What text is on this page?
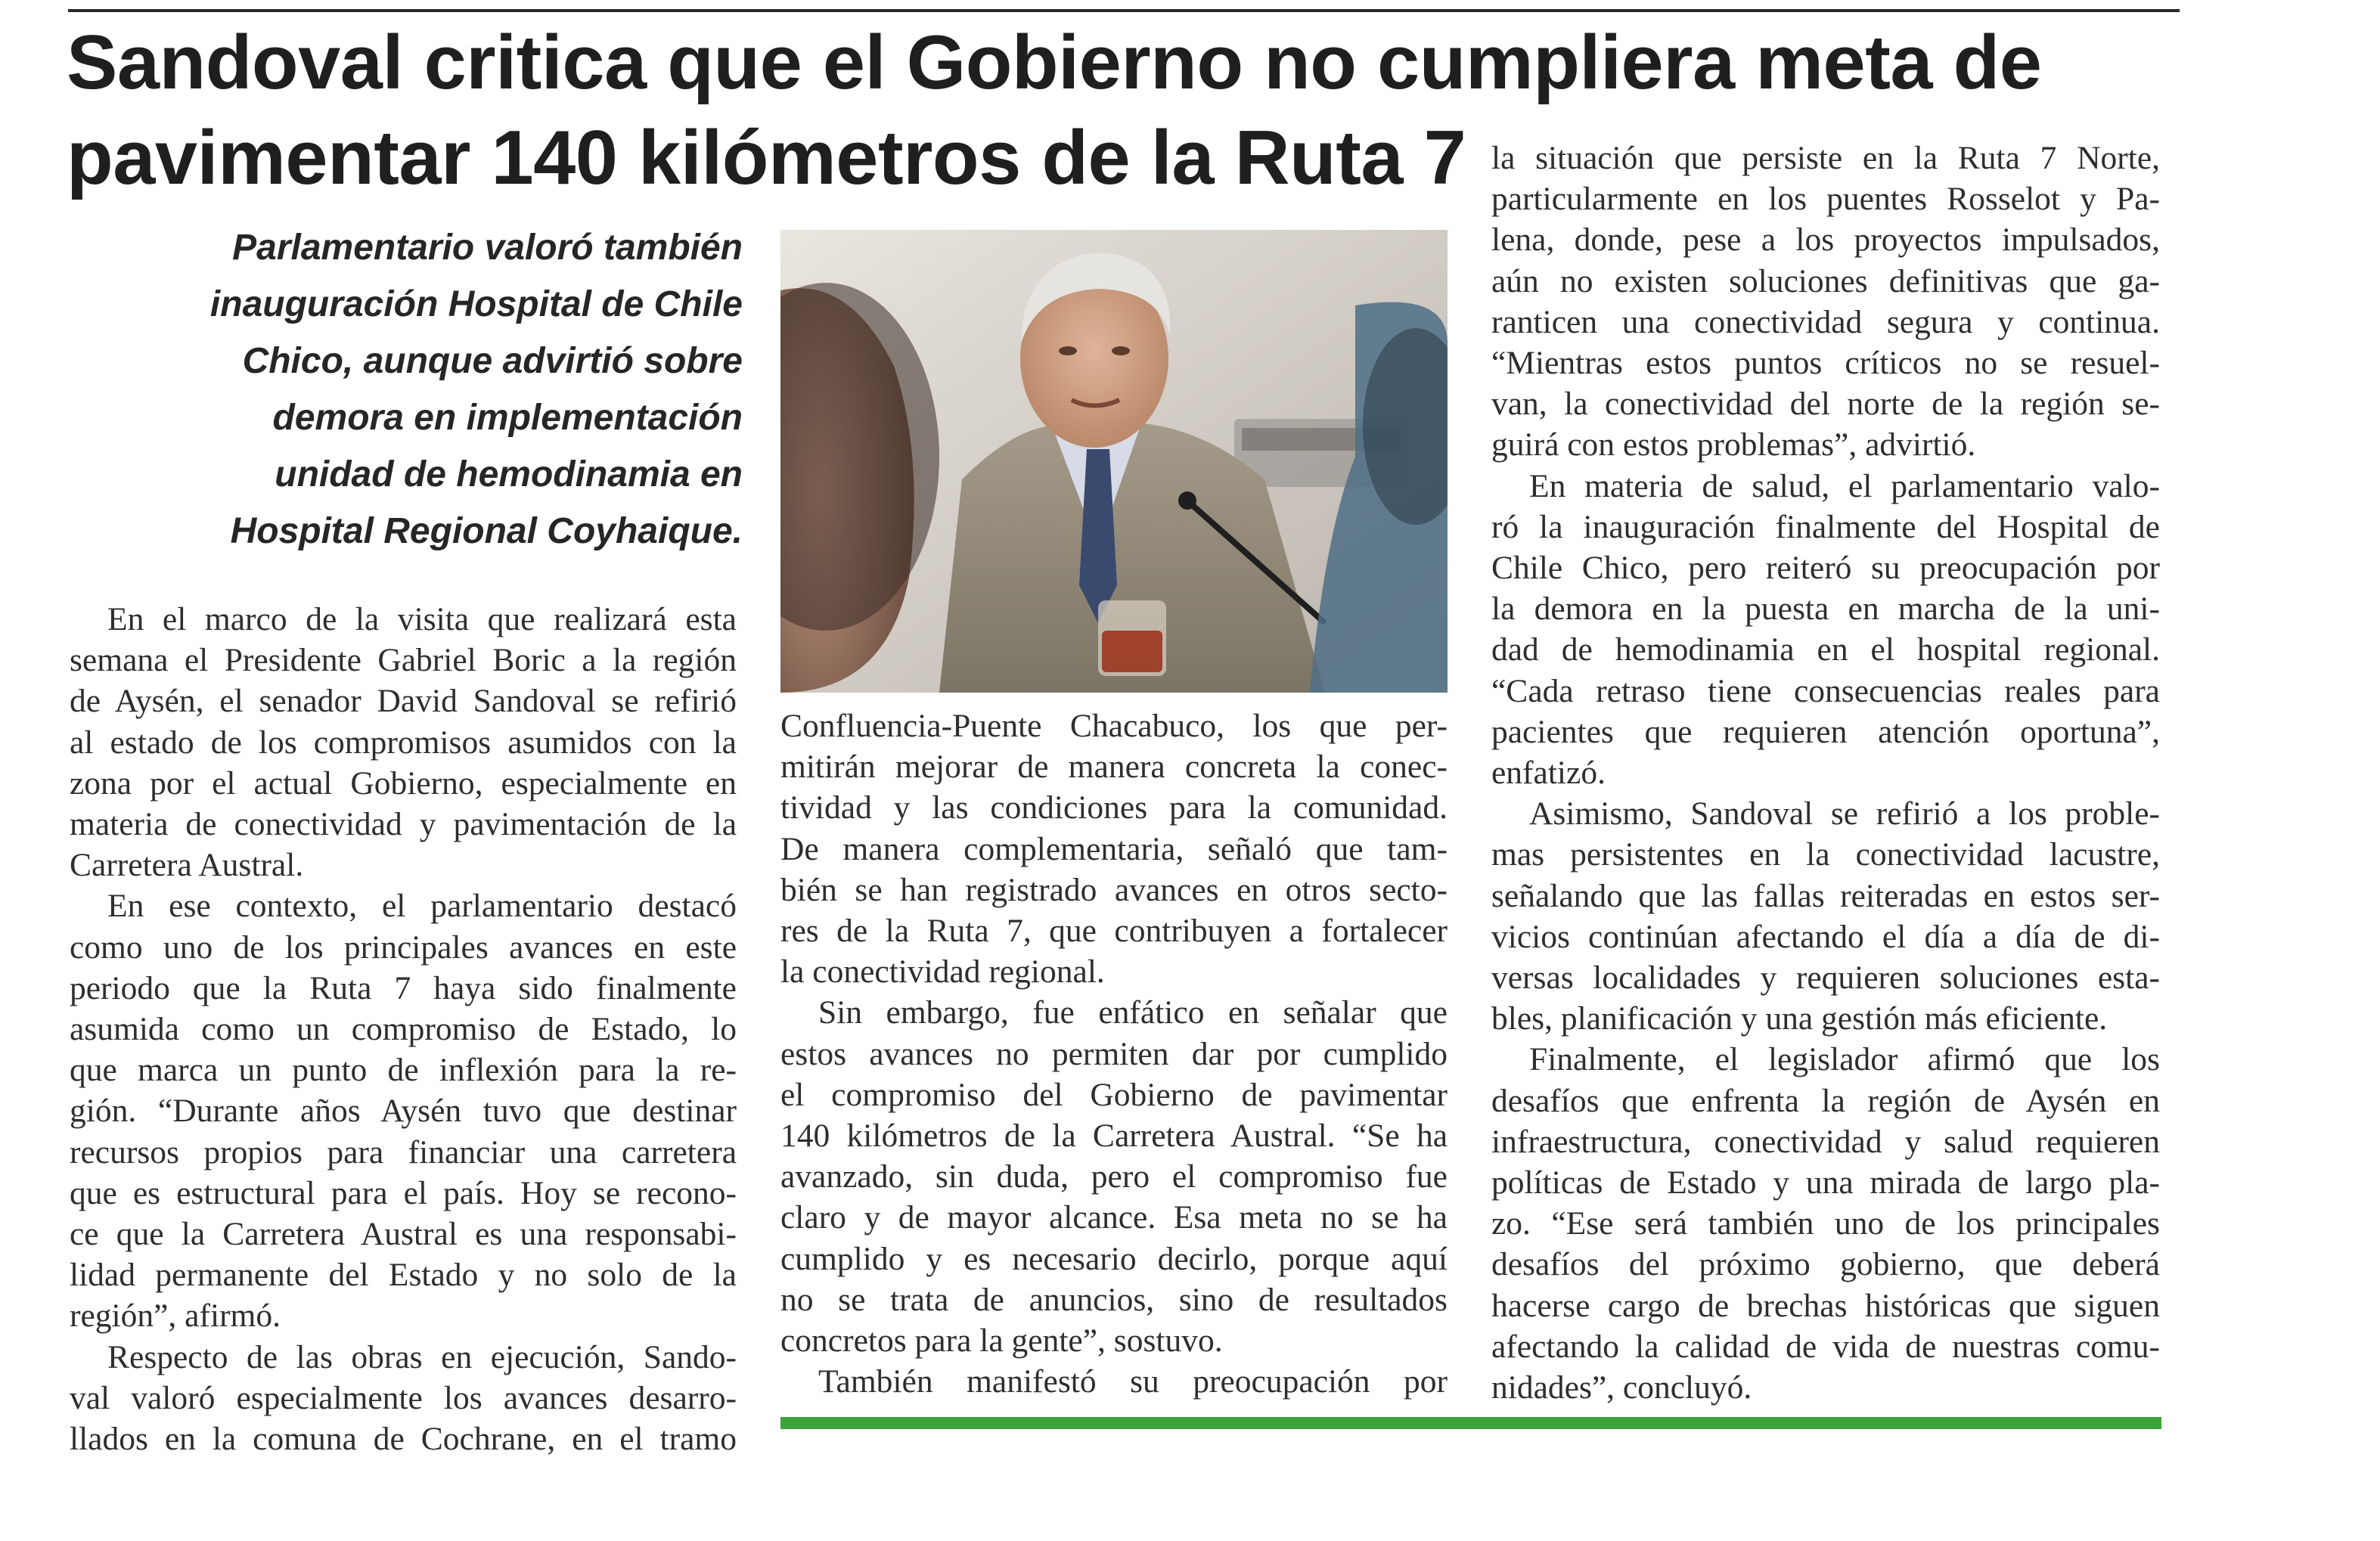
Sandoval critica que el Gobierno no cumpliera meta de
pavimentar 140 kilómetros de la Ruta 7
Parlamentario valoró también
inauguración Hospital de Chile
Chico, aunque advirtió sobre
demora en implementación
unidad de hemodinamia en
Hospital Regional Coyhaique.
En el marco de la visita que realizará esta
semana el Presidente Gabriel Boric a la región
de Aysén, el senador David Sandoval se refirió
al estado de los compromisos asumidos con la
zona por el actual Gobierno, especialmente en
materia de conectividad y pavimentación de la
Carretera Austral.
En ese contexto, el parlamentario destacó
como uno de los principales avances en este
periodo que la Ruta 7 haya sido finalmente
asumida como un compromiso de Estado, lo
que marca un punto de inflexión para la re-
gión. “Durante años Aysén tuvo que destinar
recursos propios para financiar una carretera
que es estructural para el país. Hoy se recono-
ce que la Carretera Austral es una responsabi-
lidad permanente del Estado y no solo de la
región”, afirmó.
Respecto de las obras en ejecución, Sando-
val valoró especialmente los avances desarro-
llados en la comuna de Cochrane, en el tramo
Confluencia-Puente Chacabuco, los que per-
mitirán mejorar de manera concreta la conec-
tividad y las condiciones para la comunidad.
De manera complementaria, señaló que tam-
bién se han registrado avances en otros secto-
res de la Ruta 7, que contribuyen a fortalecer
la conectividad regional.
Sin embargo, fue enfático en señalar que
estos avances no permiten dar por cumplido
el compromiso del Gobierno de pavimentar
140 kilómetros de la Carretera Austral. “Se ha
avanzado, sin duda, pero el compromiso fue
claro y de mayor alcance. Esa meta no se ha
cumplido y es necesario decirlo, porque aquí
no se trata de anuncios, sino de resultados
concretos para la gente”, sostuvo.
También manifestó su preocupación por
la situación que persiste en la Ruta 7 Norte,
particularmente en los puentes Rosselot y Pa-
lena, donde, pese a los proyectos impulsados,
aún no existen soluciones definitivas que ga-
ranticen una conectividad segura y continua.
“Mientras estos puntos críticos no se resuel-
van, la conectividad del norte de la región se-
guirá con estos problemas”, advirtió.
En materia de salud, el parlamentario valo-
ró la inauguración finalmente del Hospital de
Chile Chico, pero reiteró su preocupación por
la demora en la puesta en marcha de la uni-
dad de hemodinamia en el hospital regional.
“Cada retraso tiene consecuencias reales para
pacientes que requieren atención oportuna”,
enfatizó.
Asimismo, Sandoval se refirió a los proble-
mas persistentes en la conectividad lacustre,
señalando que las fallas reiteradas en estos ser-
vicios continúan afectando el día a día de di-
versas localidades y requieren soluciones esta-
bles, planificación y una gestión más eficiente.
Finalmente, el legislador afirmó que los
desafíos que enfrenta la región de Aysén en
infraestructura, conectividad y salud requieren
políticas de Estado y una mirada de largo pla-
zo. “Ese será también uno de los principales
desafíos del próximo gobierno, que deberá
hacerse cargo de brechas históricas que siguen
afectando la calidad de vida de nuestras comu-
nidades”, concluyó.
